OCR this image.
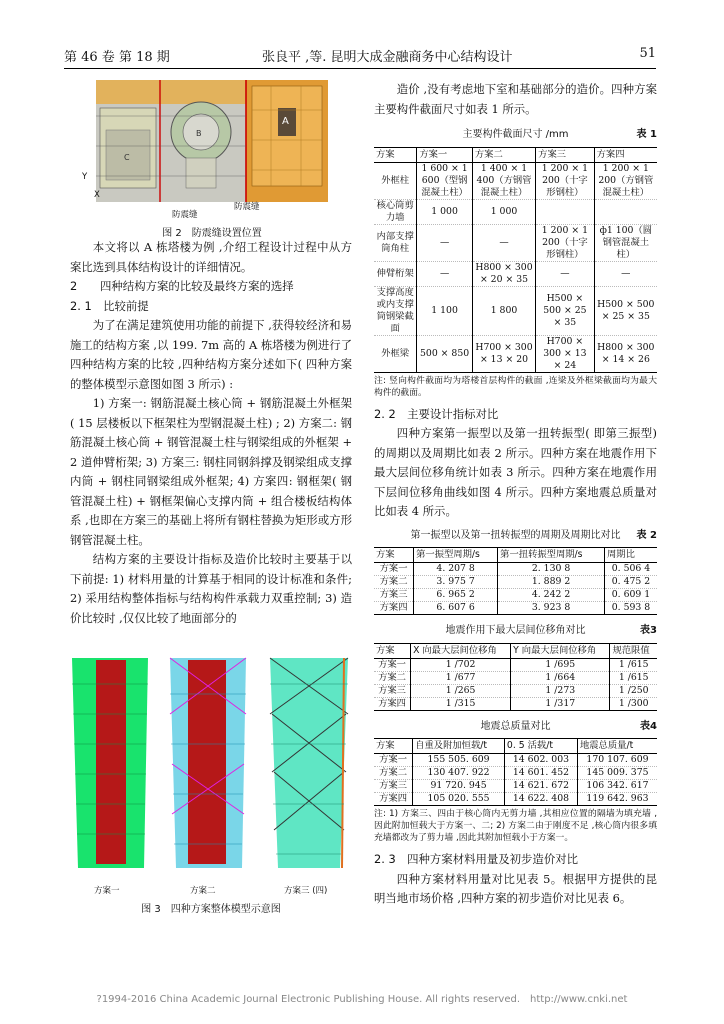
第 46 卷 第 18 期	张良平 ,等. 昆明大成金融商务中心结构设计	51
A
B
C
Y
X
防震缝
防震缝
图 2　防震缝设置位置

本文将以 A 栋塔楼为例 ,介绍工程设计过程中从方案比选到具体结构设计的详细情况。

2　　四种结构方案的比较及最终方案的选择

2. 1　比较前提

为了在满足建筑使用功能的前提下 ,获得较经济和易施工的结构方案 ,以 199. 7m 高的 A 栋塔楼为例进行了四种结构方案的比较 ,四种结构方案分述如下( 四种方案的整体模型示意图如图 3 所示) :

1) 方案一: 钢筋混凝土核心筒 + 钢筋混凝土外框架( 15 层楼板以下框架柱为型钢混凝土柱) ; 2) 方案二: 钢筋混凝土核心筒 + 钢管混凝土柱与钢梁组成的外框架 + 2 道伸臂桁架; 3) 方案三: 钢柱同钢斜撑及钢梁组成支撑内筒 + 钢柱同钢梁组成外框架; 4) 方案四: 钢框架( 钢管混凝土柱) + 钢框架偏心支撑内筒 + 组合楼板结构体系 ,也即在方案三的基础上将所有钢柱替换为矩形或方形钢管混凝土柱。

结构方案的主要设计指标及造价比较时主要基于以下前提: 1) 材料用量的计算基于相同的设计标准和条件; 2) 采用结构整体指标与结构构件承载力双重控制; 3) 造价比较时 ,仅仅比较了地面部分的

方案一	方案二	方案三 (四)
图 3　四种方案整体模型示意图

造价 ,没有考虑地下室和基础部分的造价。四种方案主要构件截面尺寸如表 1 所示。

主要构件截面尺寸 /mm	表 1
方案	方案一	方案二	方案三	方案四
外框柱	1 600 × 1 600（型钢混凝土柱）	1 400 × 1 400（方钢管混凝土柱）	1 200 × 1 200（十字形钢柱）	1 200 × 1 200（方钢管混凝土柱）
核心筒剪力墙	1 000	1 000		
内部支撑筒角柱	—	—	1 200 × 1 200（十字形钢柱）	ф1 100（圆钢管混凝土柱）
伸臂桁架	—	H800 × 300 × 20 × 35	—	—
支撑高度或内支撑筒钢梁截面	1 100	1 800	H500 × 500 × 25 × 35	H500 × 500 × 25 × 35
外框梁	500 × 850	H700 × 300 × 13 × 20	H700 × 300 × 13 × 24	H800 × 300 × 14 × 26

注: 竖向构件截面均为塔楼首层构件的截面 ,连梁及外框梁截面均为最大构件的截面。

2. 2　主要设计指标对比

四种方案第一振型以及第一扭转振型( 即第三振型) 的周期以及周期比如表 2 所示。四种方案在地震作用下最大层间位移角统计如表 3 所示。四种方案在地震作用下层间位移角曲线如图 4 所示。四种方案地震总质量对比如表 4 所示。

第一振型以及第一扭转振型的周期及周期比对比 表 2
方案	第一振型周期/s	第一扭转振型周期/s	周期比
方案一	4. 207 8	2. 130 8	0. 506 4
方案二	3. 975 7	1. 889 2	0. 475 2
方案三	6. 965 2	4. 242 2	0. 609 1
方案四	6. 607 6	3. 923 8	0. 593 8
地震作用下最大层间位移角对比	表3
方案	X 向最大层间位移角	Y 向最大层间位移角	规范限值
方案一	1 /702	1 /695	1 /615
方案二	1 /677	1 /664	1 /615
方案三	1 /265	1 /273	1 /250
方案四	1 /315	1 /317	1 /300
地震总质量对比	表4
方案	自重及附加恒载/t	0. 5 活载/t	地震总质量/t
方案一	155 505. 609	14 602. 003	170 107. 609
方案二	130 407. 922	14 601. 452	145 009. 375
方案三	91 720. 945	14 621. 672	106 342. 617
方案四	105 020. 555	14 622. 408	119 642. 963

注: 1) 方案三、四由于核心筒内无剪力墙 ,其相应位置的隔墙为填充墙 ,因此附加恒载大于方案一、二; 2) 方案二由于刚度不足 ,核心筒内很多填充墙都改为了剪力墙 ,因此其附加恒载小于方案一。

2. 3　四种方案材料用量及初步造价对比

四种方案材料用量对比见表 5。根据甲方提供的昆明当地市场价格 ,四种方案的初步造价对比见表 6。

?1994-2016 China Academic Journal Electronic Publishing House. All rights reserved.　http://www.cnki.net
